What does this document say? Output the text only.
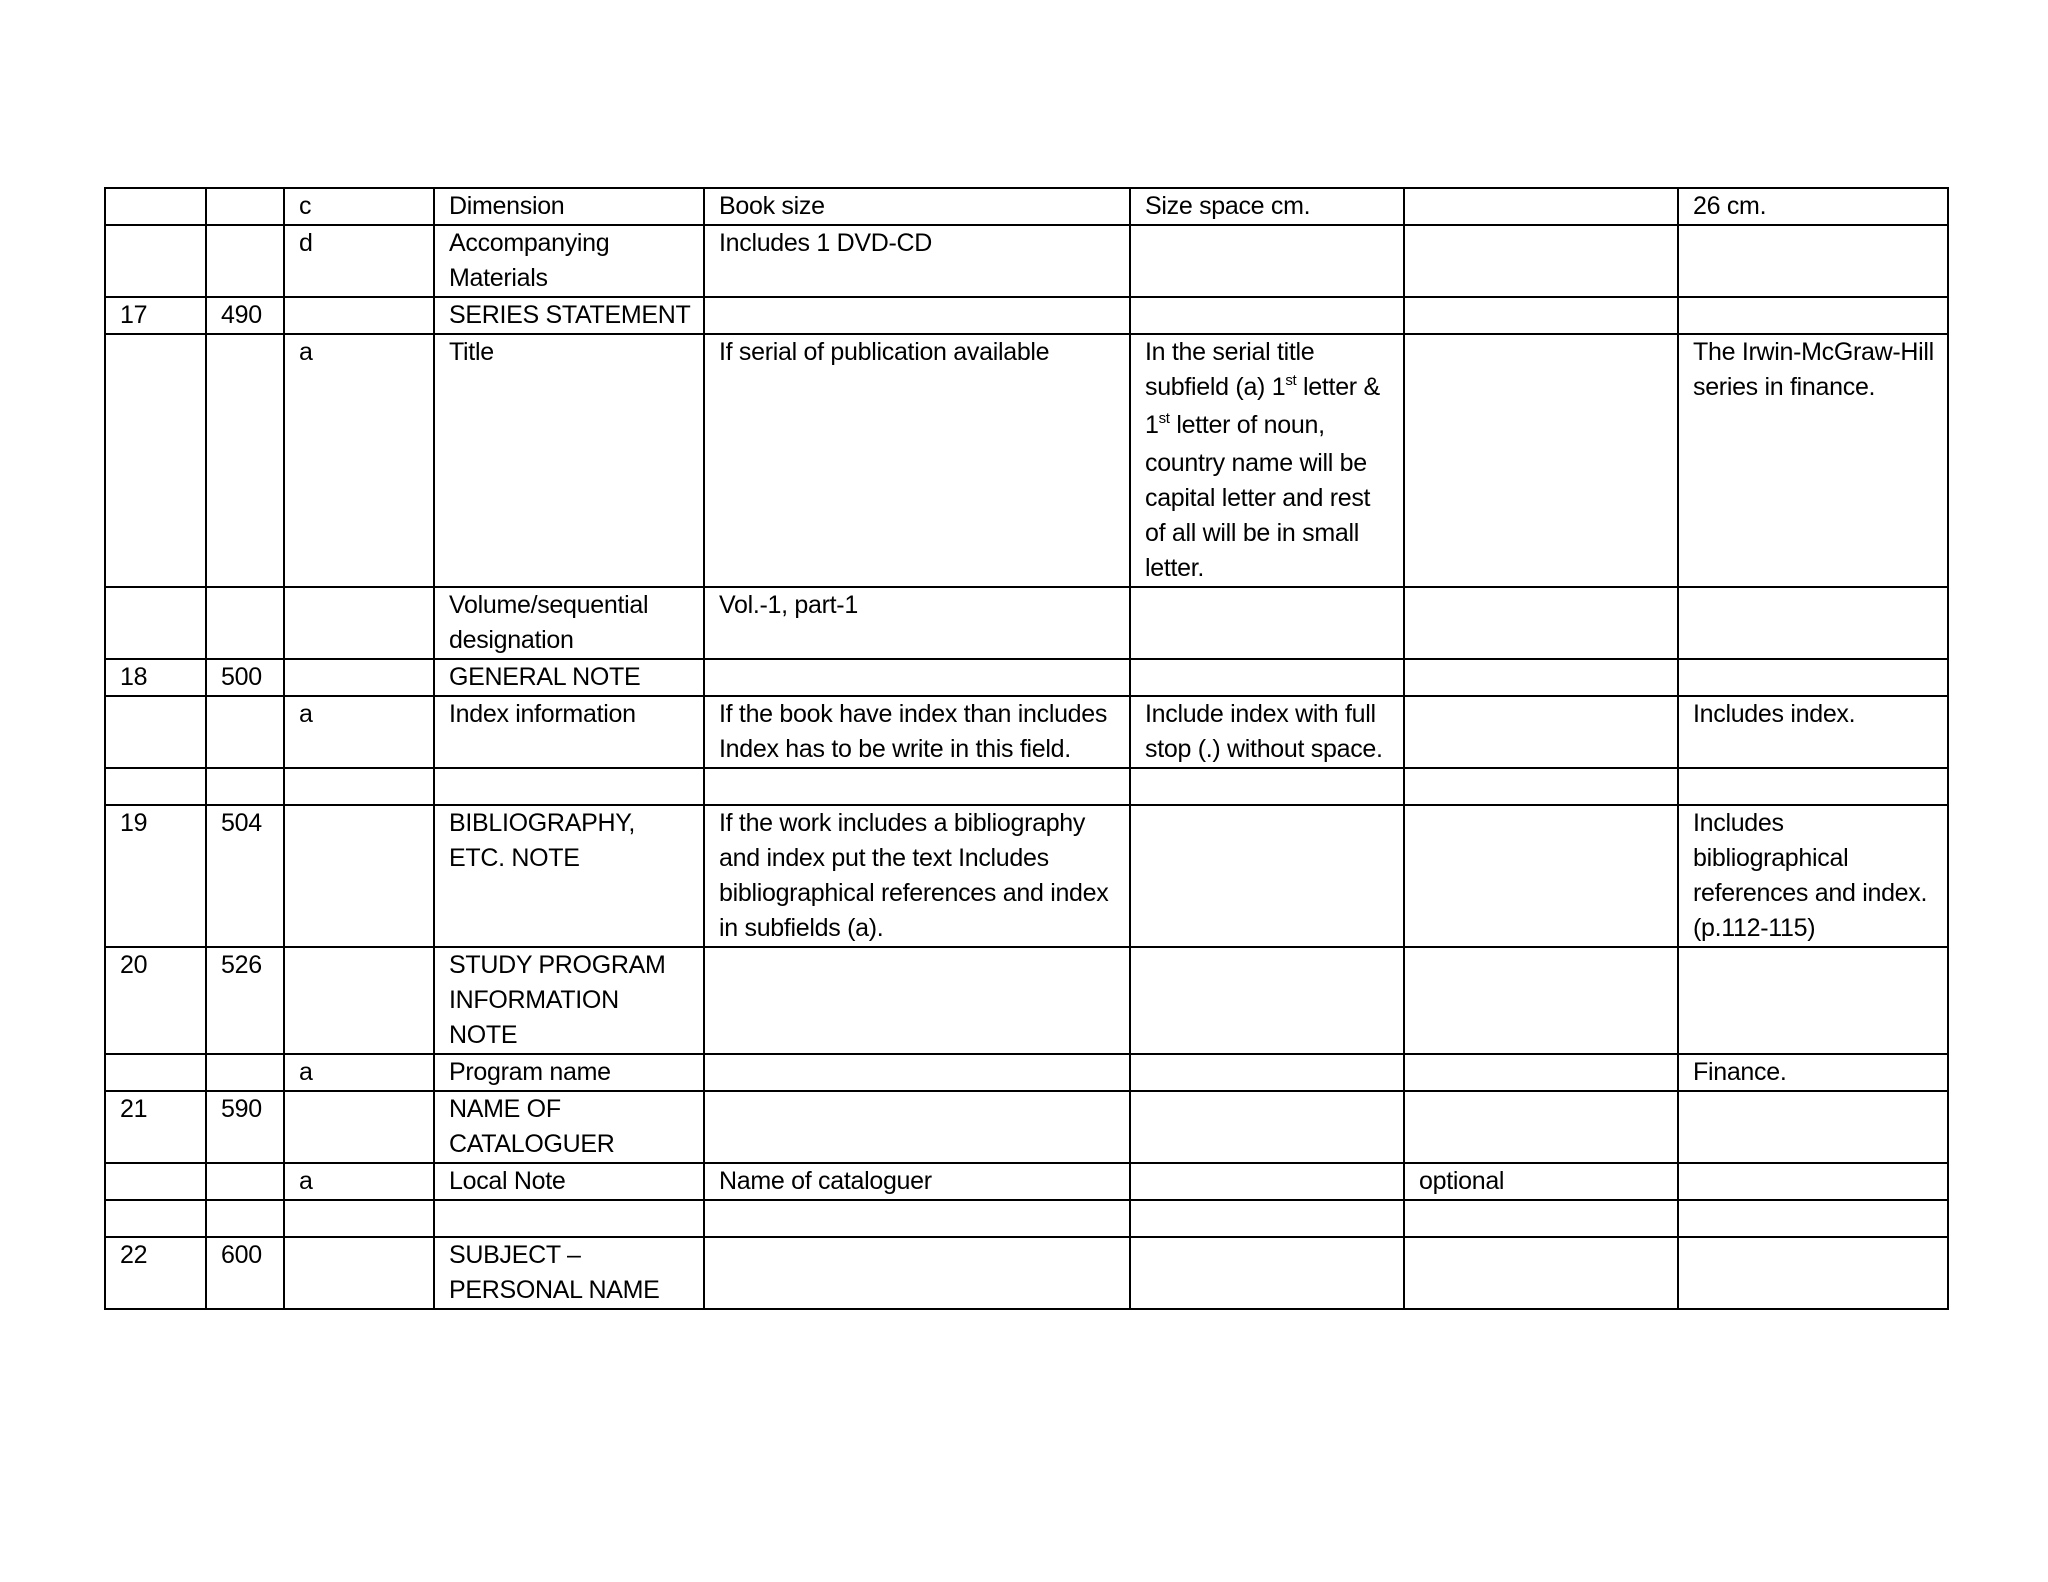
		c	Dimension	Book size	Size space cm.		26 cm.
		d	Accompanying Materials	Includes 1 DVD-CD			
17	490		SERIES STATEMENT				
		a	Title	If serial of publication available	In the serial title subfield (a) 1st letter & 1st letter of noun, country name will be capital letter and rest of all will be in small letter.		The Irwin-McGraw-Hill series in finance.
			Volume/sequential designation	Vol.-1, part-1			
18	500		GENERAL NOTE				
		a	Index information	If the book have index than includes Index has to be write in this field.	Include index with full stop (.) without space.		Includes index.

19	504		BIBLIOGRAPHY, ETC. NOTE	If the work includes a bibliography and index put the text Includes bibliographical references and index in subfields (a).			Includes bibliographical references and index.(p.112-115)
20	526		STUDY PROGRAM INFORMATION NOTE				
		a	Program name				Finance.
21	590		NAME OF CATALOGUER				
		a	Local Note	Name of cataloguer		optional	

22	600		SUBJECT – PERSONAL NAME				
